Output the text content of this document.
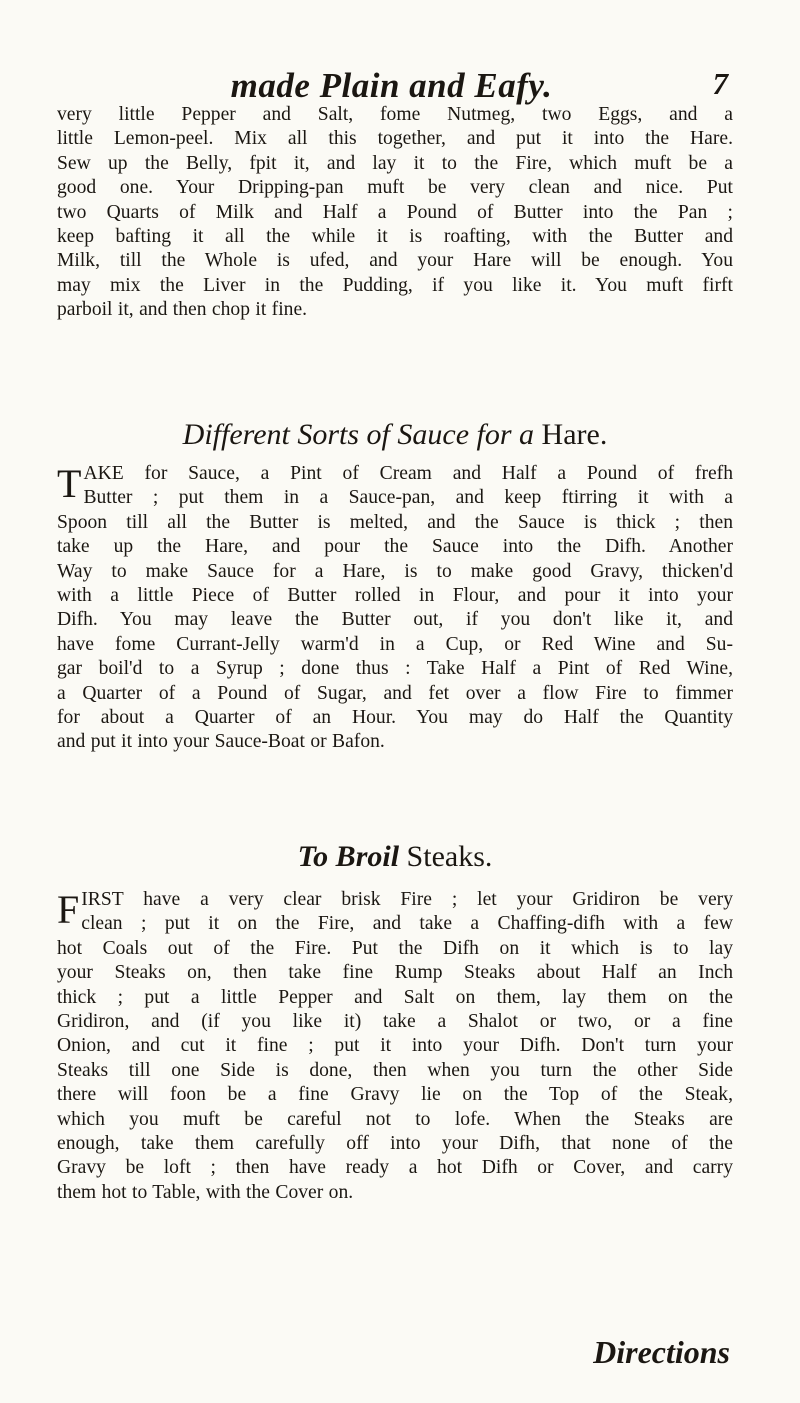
made Plain and Eafy.	7
very little Pepper and Salt, fome Nutmeg, two Eggs, and a
little Lemon-peel. Mix all this together, and put it into the Hare.
Sew up the Belly, fpit it, and lay it to the Fire, which muft be a
good one. Your Dripping-pan muft be very clean and nice. Put
two Quarts of Milk and Half a Pound of Butter into the Pan ;
keep bafting it all the while it is roafting, with the Butter and
Milk, till the Whole is ufed, and your Hare will be enough. You
may mix the Liver in the Pudding, if you like it. You muft firft
parboil it, and then chop it fine.
Different Sorts of Sauce for a Hare.
T AKE for Sauce, a Pint of Cream and Half a Pound of frefh
Butter ; put them in a Sauce-pan, and keep ftirring it with a
Spoon till all the Butter is melted, and the Sauce is thick ; then
take up the Hare, and pour the Sauce into the Difh. Another
Way to make Sauce for a Hare, is to make good Gravy, thicken'd
with a little Piece of Butter rolled in Flour, and pour it into your
Difh. You may leave the Butter out, if you don't like it, and
have fome Currant-Jelly warm'd in a Cup, or Red Wine and Su-
gar boil'd to a Syrup ; done thus : Take Half a Pint of Red Wine,
a Quarter of a Pound of Sugar, and fet over a flow Fire to fimmer
for about a Quarter of an Hour. You may do Half the Quantity
and put it into your Sauce-Boat or Bafon.
To Broil Steaks.
F IRST have a very clear brisk Fire ; let your Gridiron be very
clean ; put it on the Fire, and take a Chaffing-difh with a few
hot Coals out of the Fire. Put the Difh on it which is to lay
your Steaks on, then take fine Rump Steaks about Half an Inch
thick ; put a little Pepper and Salt on them, lay them on the
Gridiron, and (if you like it) take a Shalot or two, or a fine
Onion, and cut it fine ; put it into your Difh. Don't turn your
Steaks till one Side is done, then when you turn the other Side
there will foon be a fine Gravy lie on the Top of the Steak,
which you muft be careful not to lofe. When the Steaks are
enough, take them carefully off into your Difh, that none of the
Gravy be loft ; then have ready a hot Difh or Cover, and carry
them hot to Table, with the Cover on.
Directions
